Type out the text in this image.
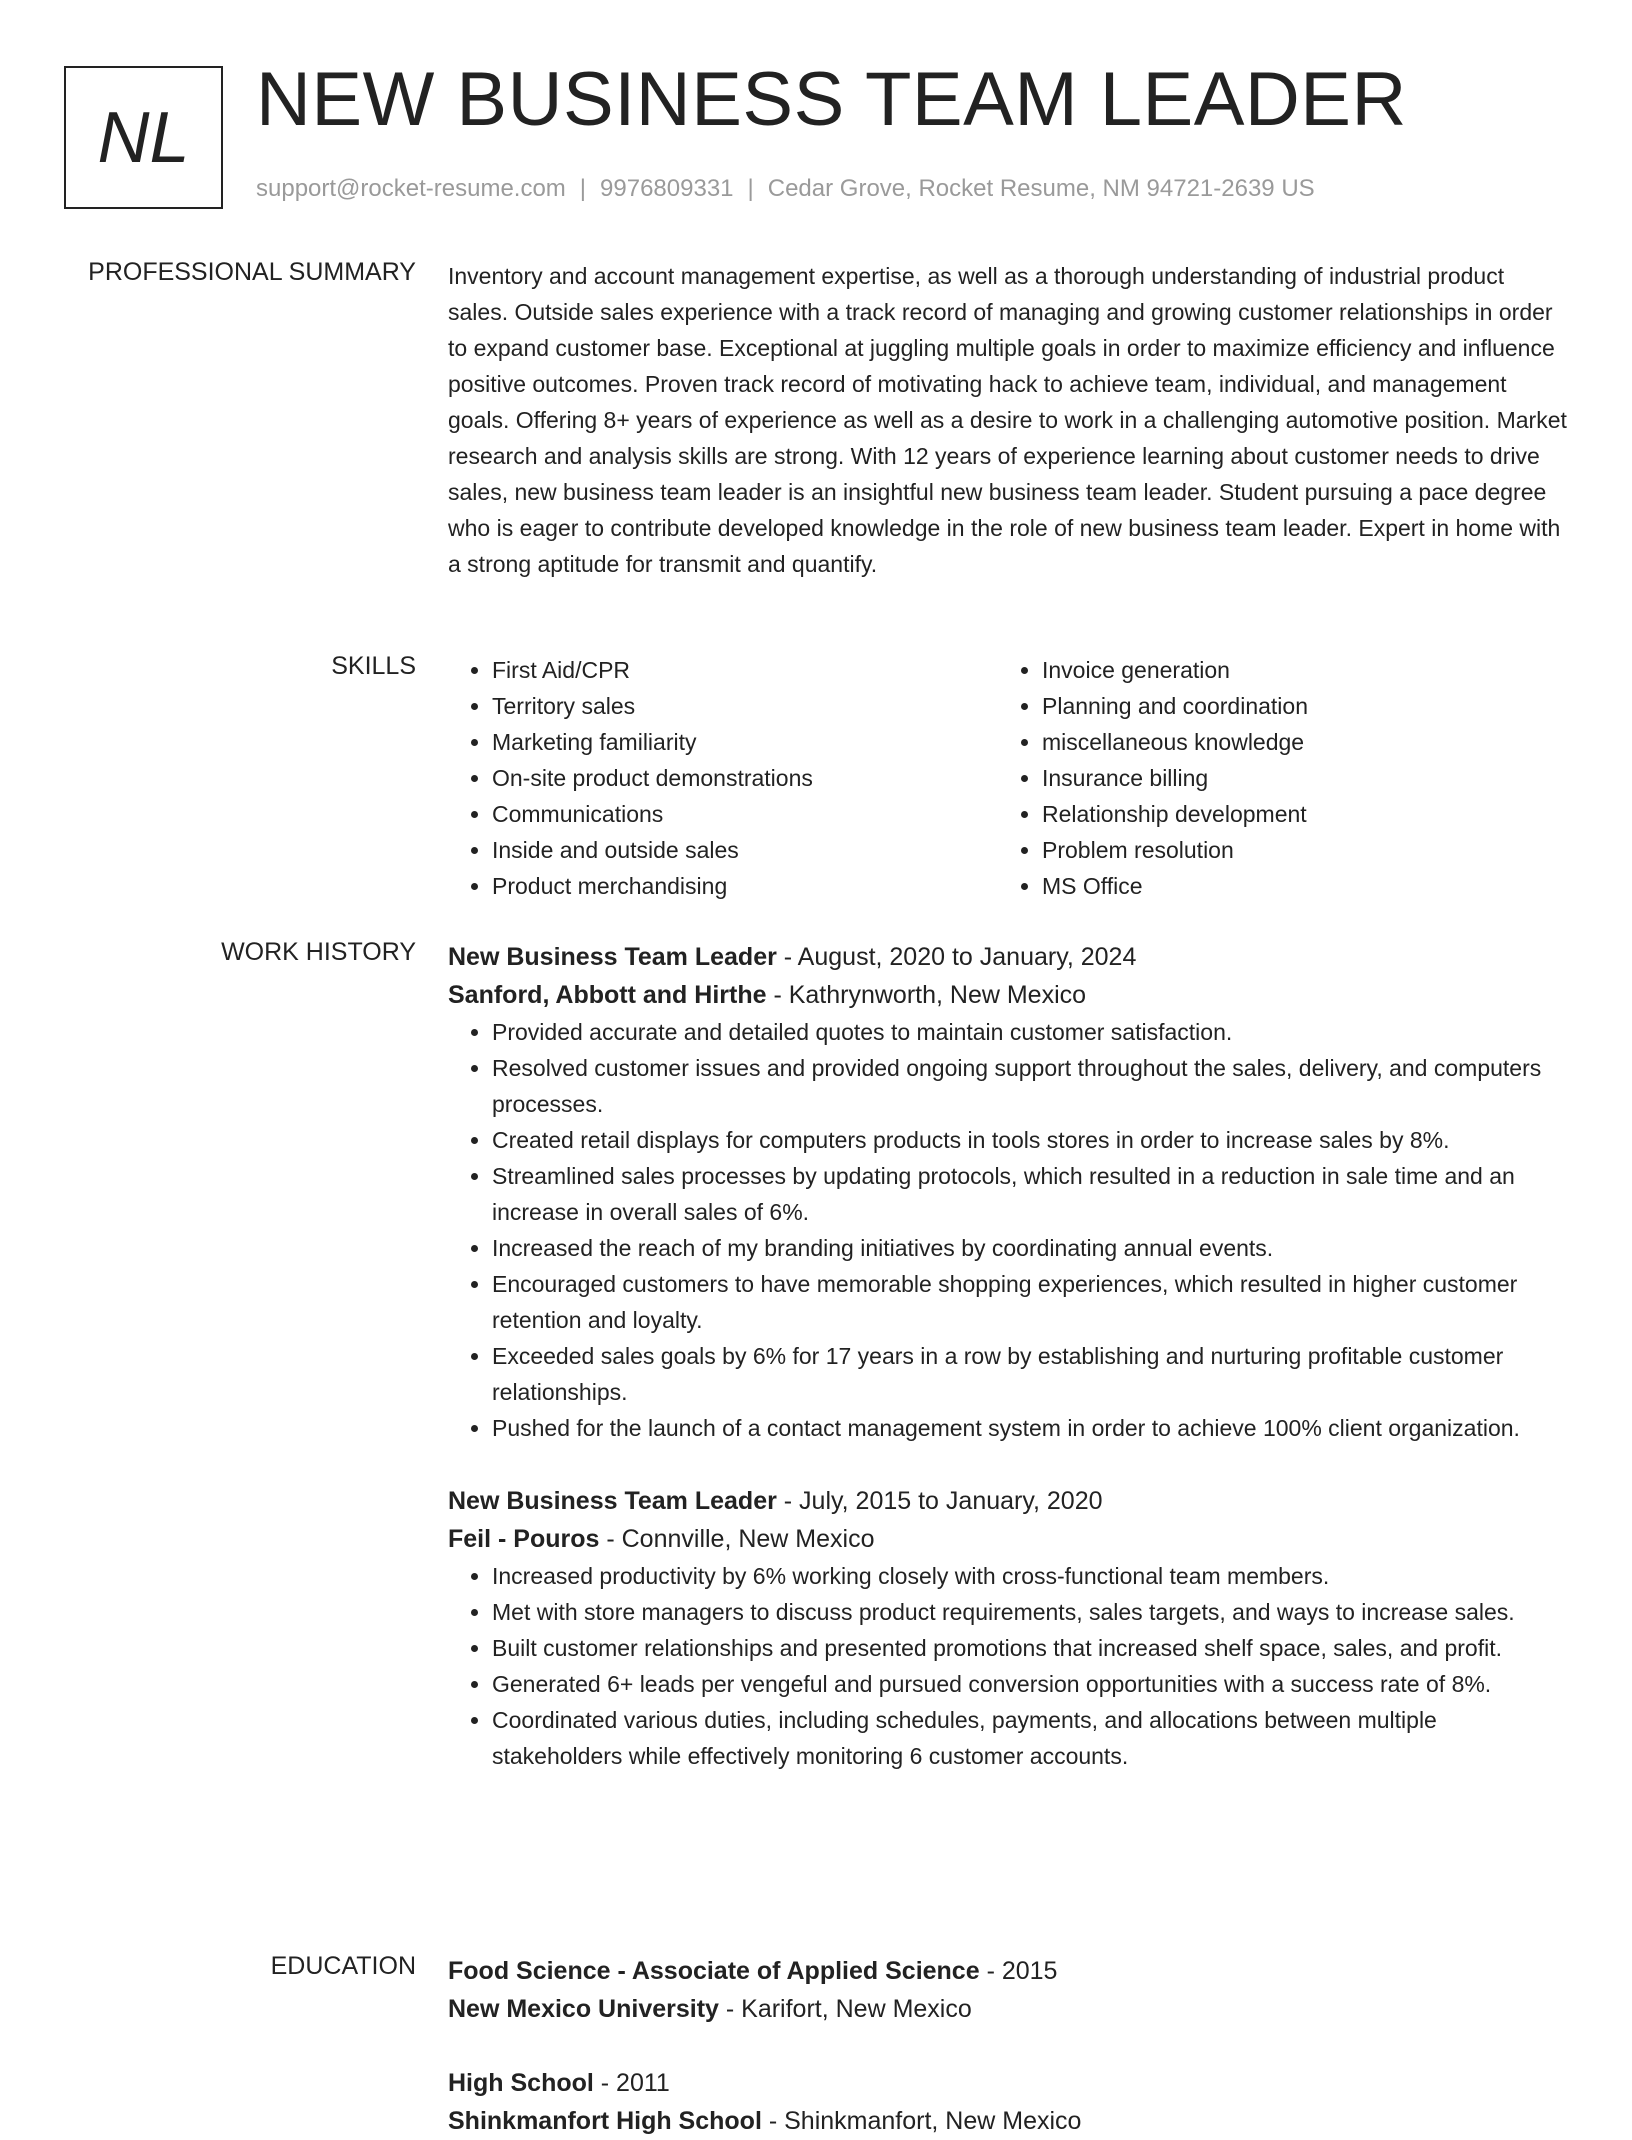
NL NEW BUSINESS TEAM LEADER
support@rocket-resume.com | 9976809331 | Cedar Grove, Rocket Resume, NM 94721-2639 US
PROFESSIONAL SUMMARY Inventory and account management expertise, as well as a thorough understanding of industrial product sales. Outside sales experience with a track record of managing and growing customer relationships in order to expand customer base. Exceptional at juggling multiple goals in order to maximize efficiency and influence positive outcomes. Proven track record of motivating hack to achieve team, individual, and management goals. Offering 8+ years of experience as well as a desire to work in a challenging automotive position. Market research and analysis skills are strong. With 12 years of experience learning about customer needs to drive sales, new business team leader is an insightful new business team leader. Student pursuing a pace degree who is eager to contribute developed knowledge in the role of new business team leader. Expert in home with a strong aptitude for transmit and quantify.

SKILLS
•	First Aid/CPR
• Territory sales
• Marketing familiarity
• On-site product demonstrations
• Communications
• Inside and outside sales
• Product merchandising
• Invoice generation
• Planning and coordination
• miscellaneous knowledge
• Insurance billing
• Relationship development
• Problem resolution
• MS Office
WORK HISTORY New Business Team Leader - August, 2020 to January, 2024
Sanford, Abbott and Hirthe - Kathrynworth, New Mexico
• Provided accurate and detailed quotes to maintain customer satisfaction.
• Resolved customer issues and provided ongoing support throughout the sales, delivery, and computers processes.
• Created retail displays for computers products in tools stores in order to increase sales by 8%.
• Streamlined sales processes by updating protocols, which resulted in a reduction in sale time and an increase in overall sales of 6%.
• Increased the reach of my branding initiatives by coordinating annual events.
• Encouraged customers to have memorable shopping experiences, which resulted in higher customer retention and loyalty.
• Exceeded sales goals by 6% for 17 years in a row by establishing and nurturing profitable customer relationships.
• Pushed for the launch of a contact management system in order to achieve 100% client organization.
New Business Team Leader - July, 2015 to January, 2020
Feil - Pouros - Connville, New Mexico
• Increased productivity by 6% working closely with cross-functional team members.
• Met with store managers to discuss product requirements, sales targets, and ways to increase sales.
• Built customer relationships and presented promotions that increased shelf space, sales, and profit.
• Generated 6+ leads per vengeful and pursued conversion opportunities with a success rate of 8%.
• Coordinated various duties, including schedules, payments, and allocations between multiple stakeholders while effectively monitoring 6 customer accounts.
EDUCATION Food Science - Associate of Applied Science - 2015
New Mexico University - Karifort, New Mexico
High School - 2011
Shinkmanfort High School - Shinkmanfort, New Mexico
